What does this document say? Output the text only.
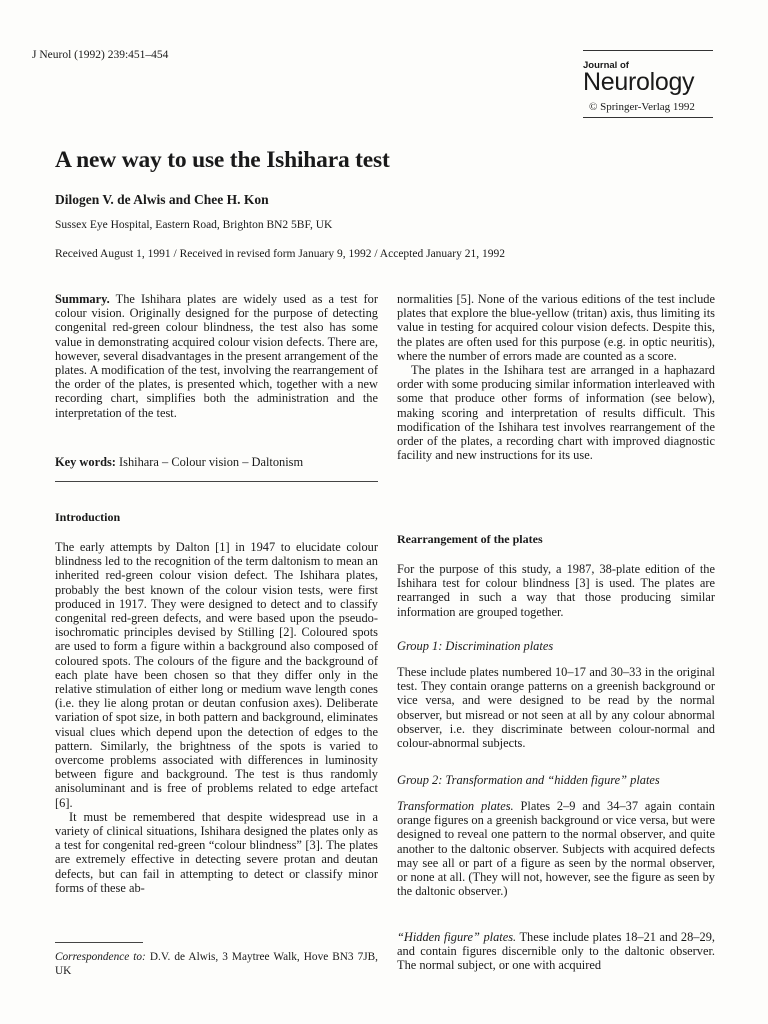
J Neurol (1992) 239:451–454
Journal of
Neurology
© Springer-Verlag 1992
A new way to use the Ishihara test
Dilogen V. de Alwis and Chee H. Kon
Sussex Eye Hospital, Eastern Road, Brighton BN2 5BF, UK
Received August 1, 1991 / Received in revised form January 9, 1992 / Accepted January 21, 1992

Summary. The Ishihara plates are widely used as a test for colour vision. Originally designed for the purpose of detecting congenital red-green colour blindness, the test also has some value in demonstrating acquired colour vision defects. There are, however, several disadvantages in the present arrangement of the plates. A modification of the test, involving the rearrangement of the order of the plates, is presented which, together with a new recording chart, simplifies both the administration and the interpretation of the test.

Key words: Ishihara – Colour vision – Daltonism

Introduction

The early attempts by Dalton [1] in 1947 to elucidate colour blindness led to the recognition of the term daltonism to mean an inherited red-green colour vision defect. The Ishihara plates, probably the best known of the colour vision tests, were first produced in 1917. They were designed to detect and to classify congenital red-green defects, and were based upon the pseudo-isochromatic principles devised by Stilling [2]. Coloured spots are used to form a figure within a background also composed of coloured spots. The colours of the figure and the background of each plate have been chosen so that they differ only in the relative stimulation of either long or medium wave length cones (i.e. they lie along protan or deutan confusion axes). Deliberate variation of spot size, in both pattern and background, eliminates visual clues which depend upon the detection of edges to the pattern. Similarly, the brightness of the spots is varied to overcome problems associated with differences in luminosity between figure and background. The test is thus randomly anisoluminant and is free of problems related to edge artefact [6].

It must be remembered that despite widespread use in a variety of clinical situations, Ishihara designed the plates only as a test for congenital red-green “colour blindness” [3]. The plates are extremely effective in detecting severe protan and deutan defects, but can fail in attempting to detect or classify minor forms of these ab-

Correspondence to: D.V. de Alwis, 3 Maytree Walk, Hove BN3 7JB, UK

normalities [5]. None of the various editions of the test include plates that explore the blue-yellow (tritan) axis, thus limiting its value in testing for acquired colour vision defects. Despite this, the plates are often used for this purpose (e.g. in optic neuritis), where the number of errors made are counted as a score.

The plates in the Ishihara test are arranged in a haphazard order with some producing similar information interleaved with some that produce other forms of information (see below), making scoring and interpretation of results difficult. This modification of the Ishihara test involves rearrangement of the order of the plates, a recording chart with improved diagnostic facility and new instructions for its use.

Rearrangement of the plates

For the purpose of this study, a 1987, 38-plate edition of the Ishihara test for colour blindness [3] is used. The plates are rearranged in such a way that those producing similar information are grouped together.

Group 1: Discrimination plates

These include plates numbered 10–17 and 30–33 in the original test. They contain orange patterns on a greenish background or vice versa, and were designed to be read by the normal observer, but misread or not seen at all by any colour abnormal observer, i.e. they discriminate between colour-normal and colour-abnormal subjects.

Group 2: Transformation and “hidden figure” plates

Transformation plates. Plates 2–9 and 34–37 again contain orange figures on a greenish background or vice versa, but were designed to reveal one pattern to the normal observer, and quite another to the daltonic observer. Subjects with acquired defects may see all or part of a figure as seen by the normal observer, or none at all. (They will not, however, see the figure as seen by the daltonic observer.)

“Hidden figure” plates. These include plates 18–21 and 28–29, and contain figures discernible only to the daltonic observer. The normal subject, or one with acquired
